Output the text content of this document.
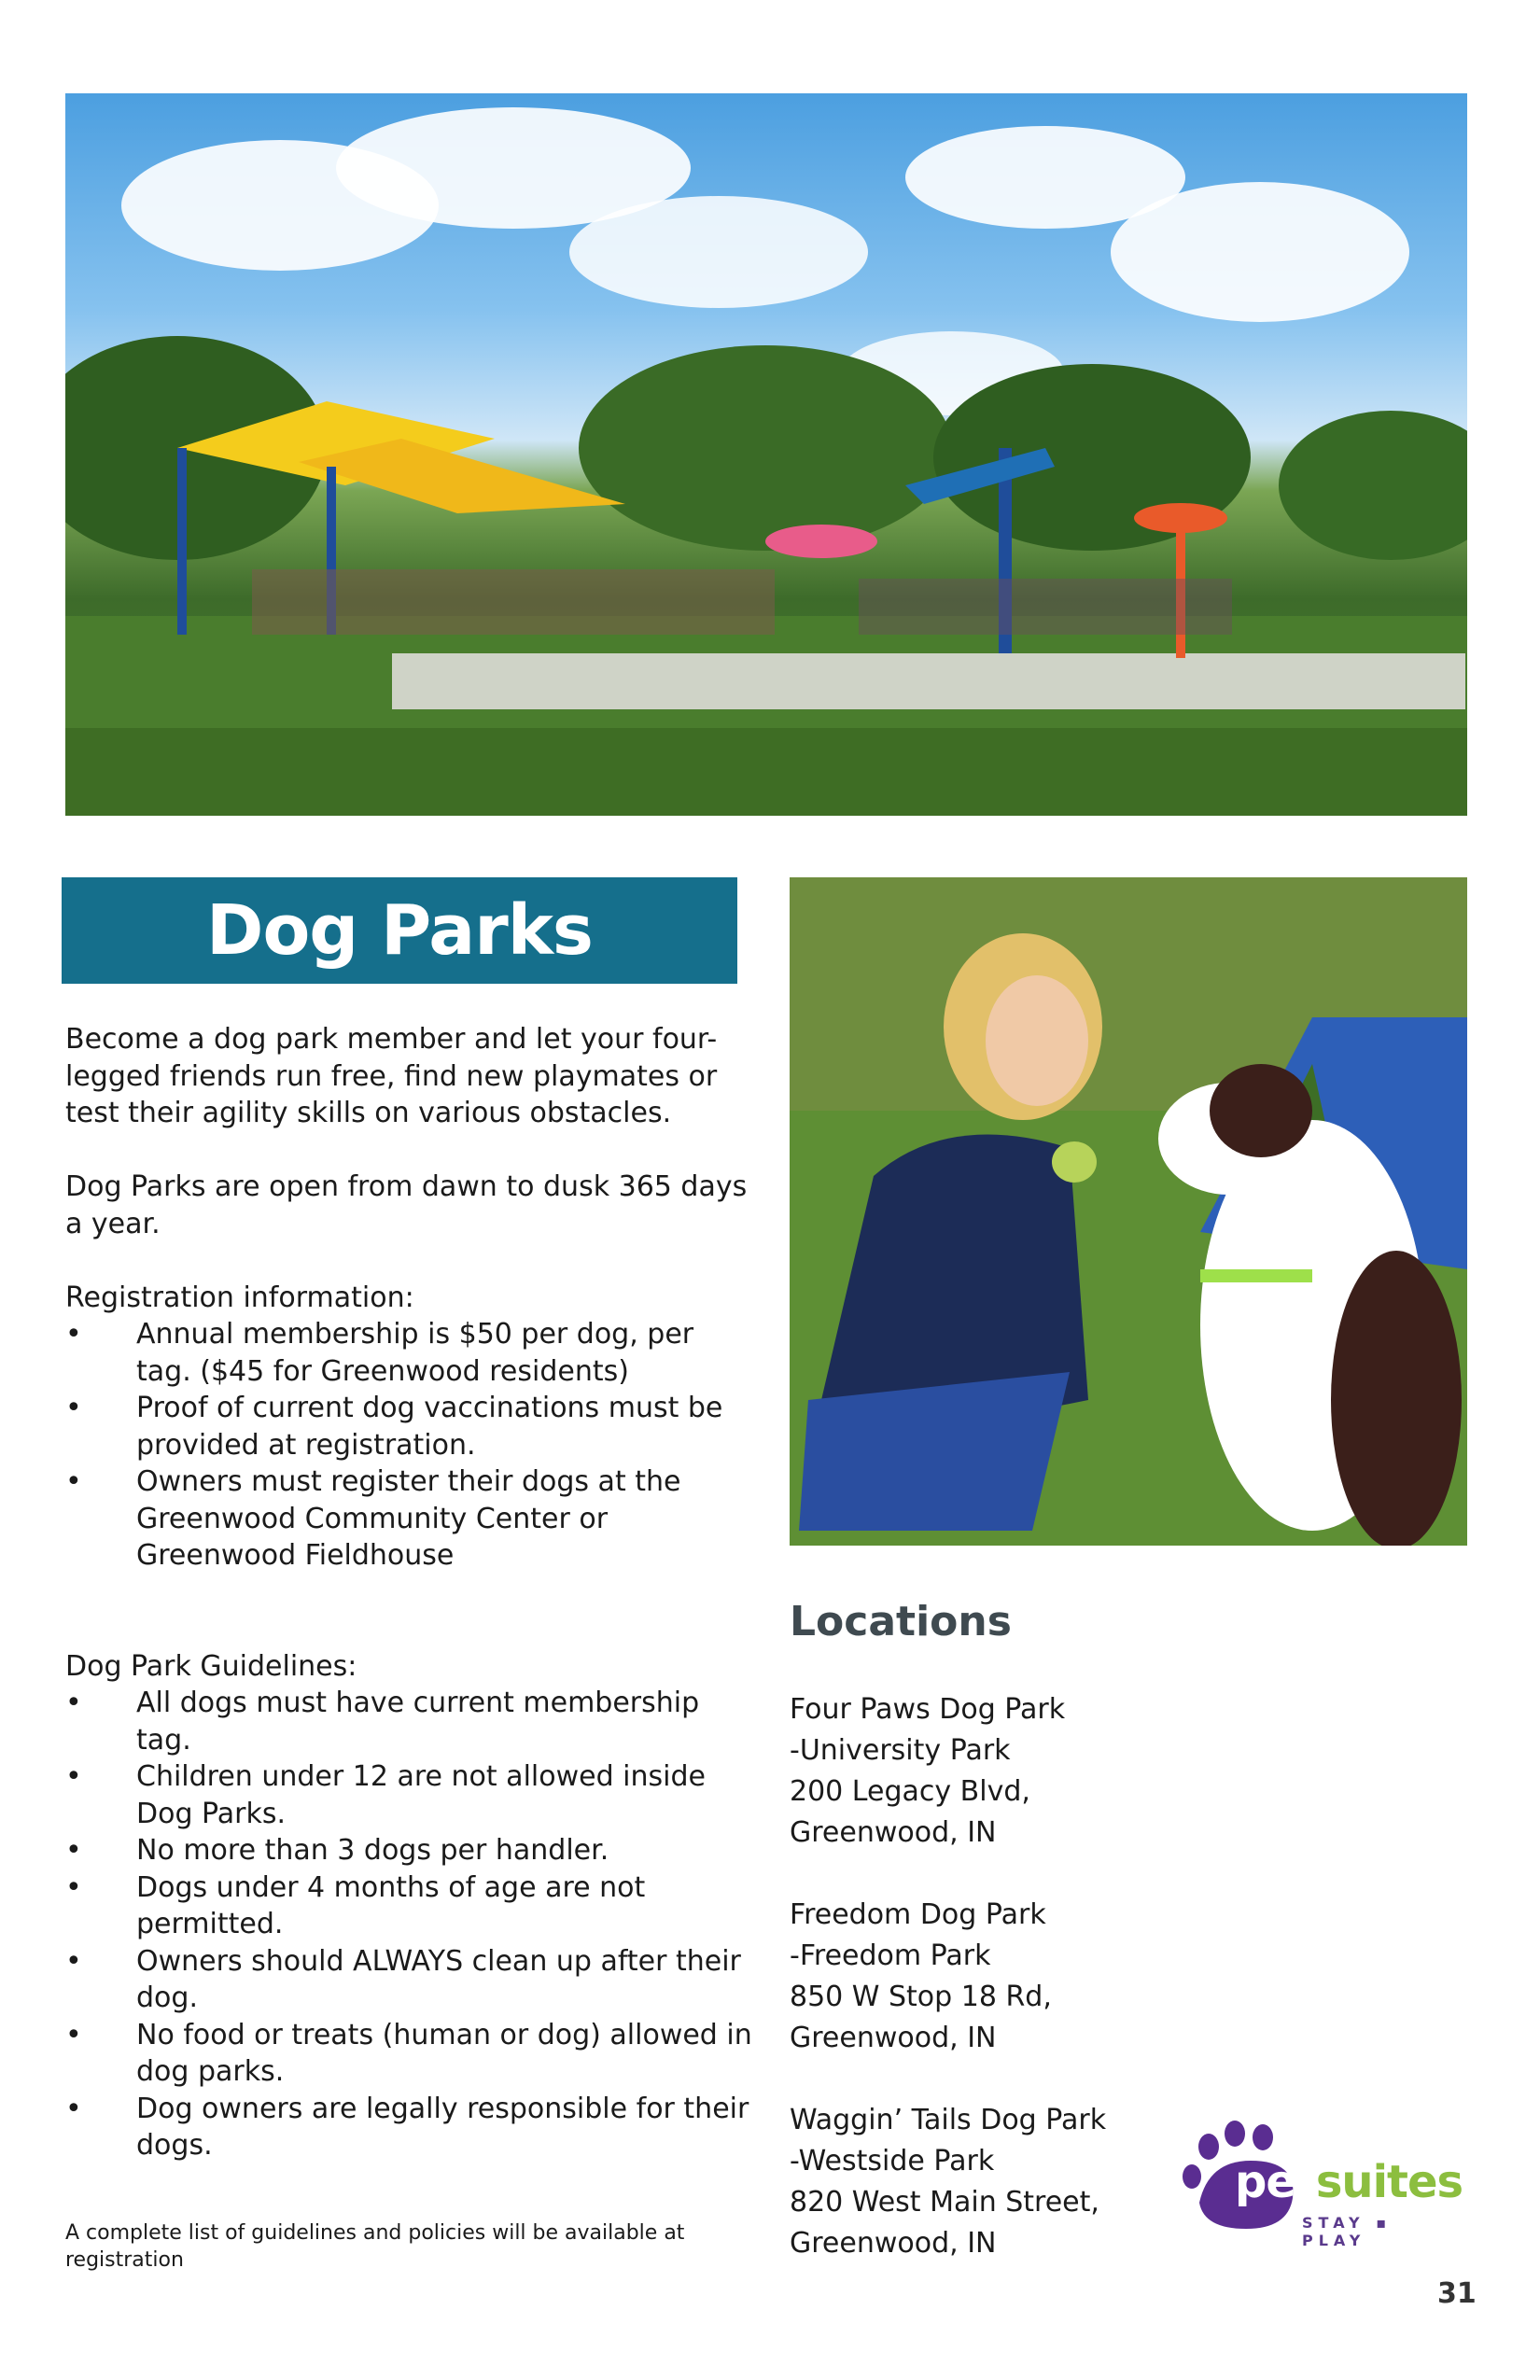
Dog Parks

Become a dog park member and let your four-legged friends run free, find new playmates or test their agility skills on various obstacles.

Dog Parks are open from dawn to dusk 365 days a year.

Registration information:

• Annual membership is $50 per dog, per tag. ($45 for Greenwood residents)
• Proof of current dog vaccinations must be provided at registration.
• Owners must register their dogs at the Greenwood Community Center or Greenwood Fieldhouse

Dog Park Guidelines:

• All dogs must have current membership tag.
• Children under 12 are not allowed inside Dog Parks.
• No more than 3 dogs per handler.
• Dogs under 4 months of age are not permitted.
• Owners should ALWAYS clean up after their dog.
• No food or treats (human or dog) allowed in dog parks.
• Dog owners are legally responsible for their dogs.

A complete list of guidelines and policies will be available at registration

Locations
Four Paws Dog Park
-University Park
200 Legacy Blvd,
Greenwood, IN
Freedom Dog Park
-Freedom Park
850 W Stop 18 Rd,
Greenwood, IN
Waggin’ Tails Dog Park
-Westside Park
820 West Main Street,
Greenwood, IN
petsuites
STAY ▪ PLAY
31
